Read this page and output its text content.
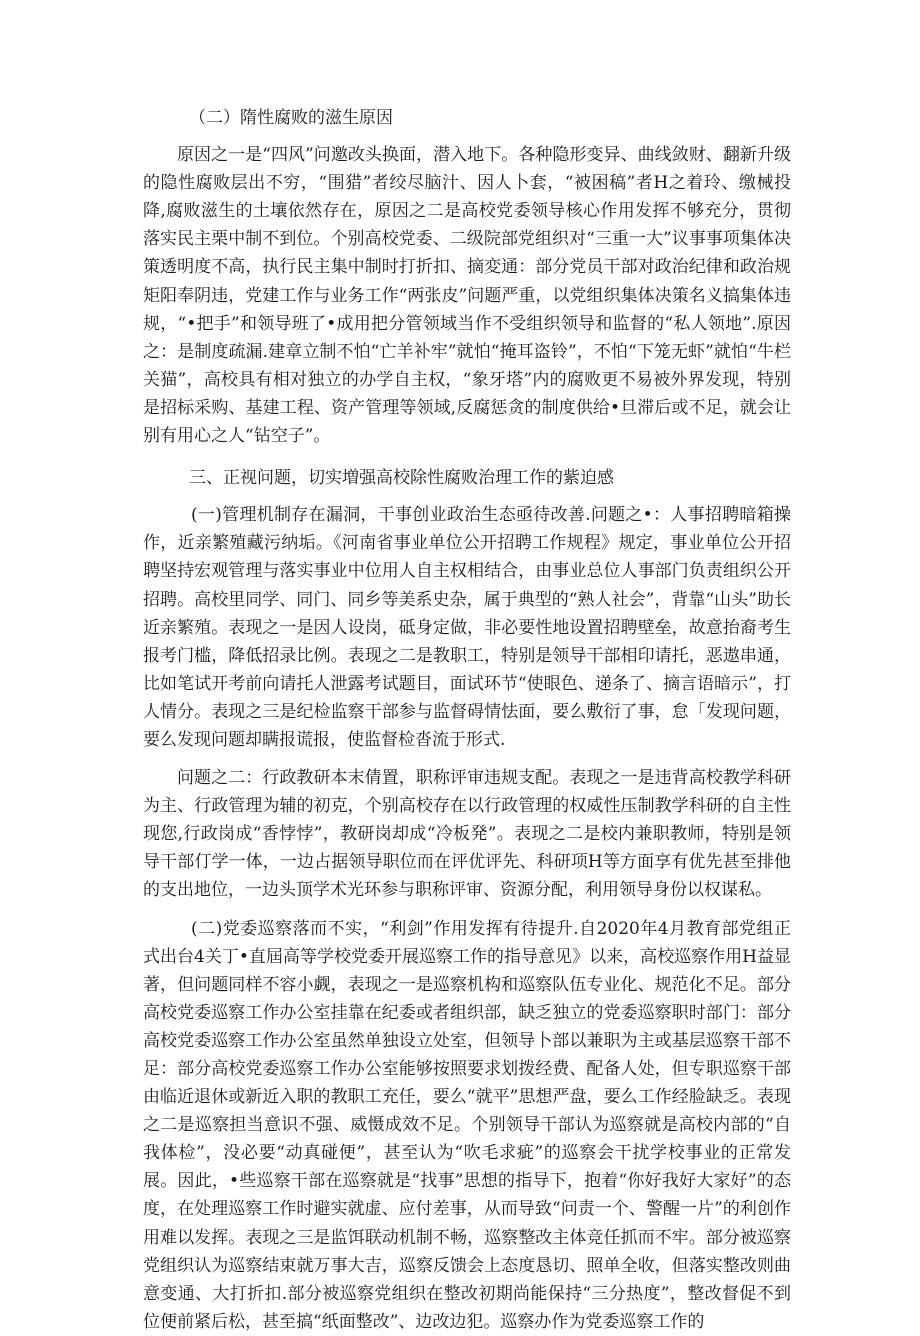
（二）隋性腐败的滋生原因

原因之一是“四风”问邀改头换面，潜入地下。各种隐形变异、曲线敛财、翻新升级的隐性腐败层出不穷，“围猎”者绞尽脑汁、因人卜套，“被困稿”者H之着玲、缴械投降,腐败滋生的土壤依然存在，原因之二是高校党委领导核心作用发挥不够充分，贯彻落实民主栗中制不到位。个别高校党委、二级院部党组织对“三重一大”议事事项集体决策透明度不高，执行民主集中制时打折扣、摘変通：部分党员干部对政治纪律和政治规矩阳奉阴违，党建工作与业务工作“两张皮”问题严重，以党组织集体决策名义搞集体违规，“•把手”和领导班了•成用把分管领域当作不受组织领导和监督的“私人领地”.原因之：是制度疏漏.建章立制不怕“亡羊补牢”就怕“掩耳盗铃”，不怕“下笼无虾”就怕“牛栏关猫”，高校具有相对独立的办学自主权，“象牙塔”内的腐败更不易被外界发现，特别是招标采购、基建工程、资产管理等领域,反腐惩贪的制度供给•旦滞后或不足，就会让别有用心之人“钻空子”。

三、正视问题，切实増强高校除性腐败治理工作的紫迫感

(一)管理机制存在漏洞，干事创业政治生态亟待改善.问题之•：人事招聘暗箱操作，近亲繁殖藏污纳垢。《河南省事业单位公开招聘工作规程》规定，事业单位公开招聘坚持宏观管理与落实事业中位用人自主权相结合，由事业总位人事部门负责组织公开招聘。高校里同学、同门、同乡等美系史杂，属于典型的“熟人社会”，背靠“山头”助长近亲繁殖。表现之一是因人设岗，砥身定做，非必要性地设置招聘壁垒，故意抬裔考生报考门槛，降低招录比例。表现之二是教职工，特别是领导干部相印请托，恶遨串通，比如笔试开考前向请托人泄露考试题目，面试环节“使眼色、递条了、摘言语暗示”，打人情分。表现之三是纪检监察干部参与监督碍情怯面，要么敷衍了事，怠「发现问题，要么发现问题却瞒报谎报，使监督检沓流于形式.

问题之二：行政教研本末倩置，职称评审违规支配。表现之一是违背高校教学科研为主、行政管理为辅的初克，个别高校存在以行政管理的权威性压制教学科研的自主性现您,行政岗成“香悖悖”，教研岗却成“冷板発”。表现之二是校内兼职教师，特别是领导干部仃学一体，一边占据领导职位而在评优评先、科研项H等方面享有优先甚至排他的支出地位，一边头顶学术光环参与职称评审、资源分配，利用领导身份以权谋私。

(二)党委巡察落而不实，“利剑”作用发挥有待提升.自2020年4月教育部党组正式出台4关丁•直屆高等学校党委开展巡察工作的指导意见》以来，高校巡察作用H益显著，但问题同样不容小觑，表现之一是巡察机构和巡察队伍专业化、规范化不足。部分高校党委巡察工作办公室挂靠在纪委或者组织部，缺乏独立的党委巡察职时部门：部分高校党委巡察工作办公室虽然单独设立处室，但领导卜部以兼职为主或基层巡察干部不足：部分高校党委巡察工作办公室能够按照要求划拨经费、配备人处，但专职巡察干部由临近退休或新近入职的教职工充任，要么“就平”思想严盘，要么工作经脸缺乏。表现之二是巡察担当意识不强、威慑成效不足。个别领导干部认为巡察就是高校内部的“自我体检”，没必要“动真碰便”，甚至认为“吹毛求疵”的巡察会干扰学校事业的正常发展。因此，•些巡察干部在巡察就是“找事”思想的指导下，抱着“你好我好大家好”的态度，在处理巡察工作时避实就虚、应付差事，从而导致“问责一个、警醒一片”的利创作用难以发挥。表现之三是监饵联动机制不畅，巡察整改主体竞任抓而不牢。部分被巡察党组织认为巡察结束就万事大吉，巡察反馈会上态度恳切、照单全收，但落实整改则曲意变通、大打折扣.部分被巡察党组织在整改初期尚能保持“三分热度”，整改督促不到位便前紧后松，甚至搞“纸面整改”、边改边犯。巡察办作为党委巡察工作的
